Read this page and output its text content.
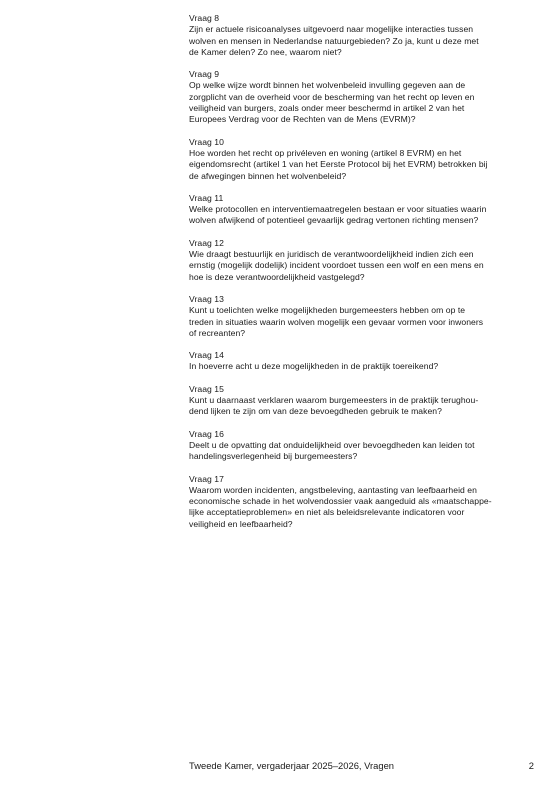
Vraag 8

Zijn er actuele risicoanalyses uitgevoerd naar mogelijke interacties tussen
wolven en mensen in Nederlandse natuurgebieden? Zo ja, kunt u deze met
de Kamer delen? Zo nee, waarom niet?

Vraag 9

Op welke wijze wordt binnen het wolvenbeleid invulling gegeven aan de
zorgplicht van de overheid voor de bescherming van het recht op leven en
veiligheid van burgers, zoals onder meer beschermd in artikel 2 van het
Europees Verdrag voor de Rechten van de Mens (EVRM)?

Vraag 10

Hoe worden het recht op privéleven en woning (artikel 8 EVRM) en het
eigendomsrecht (artikel 1 van het Eerste Protocol bij het EVRM) betrokken bij
de afwegingen binnen het wolvenbeleid?

Vraag 11

Welke protocollen en interventiemaatregelen bestaan er voor situaties waarin
wolven afwijkend of potentieel gevaarlijk gedrag vertonen richting mensen?

Vraag 12

Wie draagt bestuurlijk en juridisch de verantwoordelijkheid indien zich een
ernstig (mogelijk dodelijk) incident voordoet tussen een wolf en een mens en
hoe is deze verantwoordelijkheid vastgelegd?

Vraag 13

Kunt u toelichten welke mogelijkheden burgemeesters hebben om op te
treden in situaties waarin wolven mogelijk een gevaar vormen voor inwoners
of recreanten?

Vraag 14

In hoeverre acht u deze mogelijkheden in de praktijk toereikend?

Vraag 15

Kunt u daarnaast verklaren waarom burgemeesters in de praktijk terughou-
dend lijken te zijn om van deze bevoegdheden gebruik te maken?

Vraag 16

Deelt u de opvatting dat onduidelijkheid over bevoegdheden kan leiden tot
handelingsverlegenheid bij burgemeesters?

Vraag 17

Waarom worden incidenten, angstbeleving, aantasting van leefbaarheid en
economische schade in het wolvendossier vaak aangeduid als «maatschappe-
lijke acceptatieproblemen» en niet als beleidsrelevante indicatoren voor
veiligheid en leefbaarheid?

Tweede Kamer, vergaderjaar 2025–2026, Vragen	2
